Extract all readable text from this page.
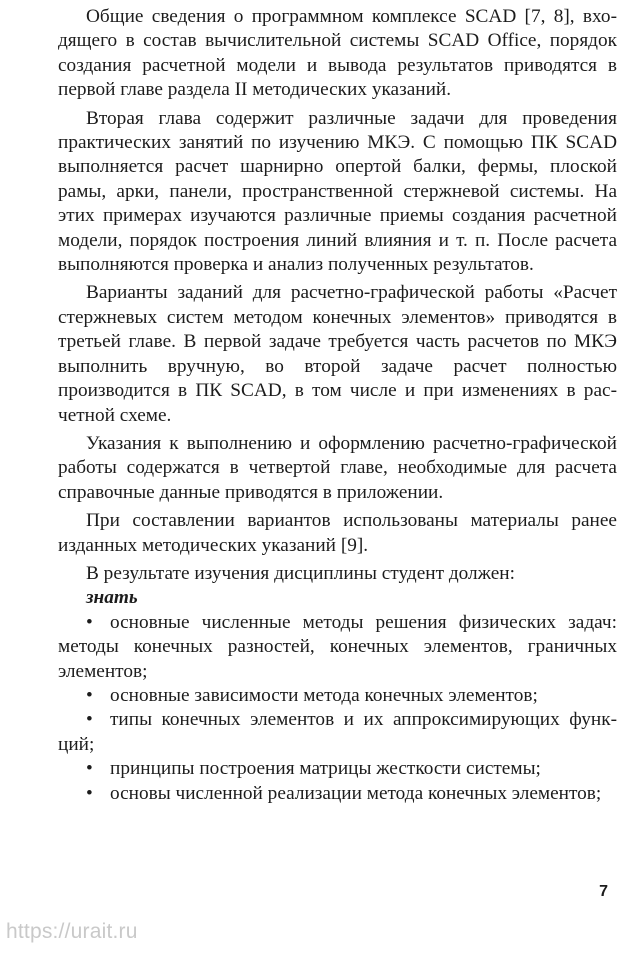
Общие сведения о программном комплексе SCAD [7, 8], входящего в состав вычислительной системы SCAD Office, порядок создания расчетной модели и вывода результатов приводятся в первой главе раздела II методических указаний.

Вторая глава содержит различные задачи для проведения практических занятий по изучению МКЭ. С помощью ПК SCAD выполняется расчет шарнирно опертой балки, фермы, плоской рамы, арки, панели, пространственной стержневой системы. На этих примерах изучаются различные приемы создания расчетной модели, порядок построения линий влияния и т. п. После расчета выполняются проверка и анализ полученных результатов.

Варианты заданий для расчетно-графической работы «Расчет стержневых систем методом конечных элементов» приводятся в третьей главе. В первой задаче требуется часть расчетов по МКЭ выполнить вручную, во второй задаче расчет полностью производится в ПК SCAD, в том числе и при изменениях в расчетной схеме.

Указания к выполнению и оформлению расчетно-графической работы содержатся в четвертой главе, необходимые для расчета справочные данные приводятся в приложении.

При составлении вариантов использованы материалы ранее изданных методических указаний [9].

В результате изучения дисциплины студент должен:

знать

• основные численные методы решения физических задач: методы конечных разностей, конечных элементов, граничных элементов;

• основные зависимости метода конечных элементов;

• типы конечных элементов и их аппроксимирующих функций;

• принципы построения матрицы жесткости системы;

• основы численной реализации метода конечных элементов;

7
https://urait.ru
